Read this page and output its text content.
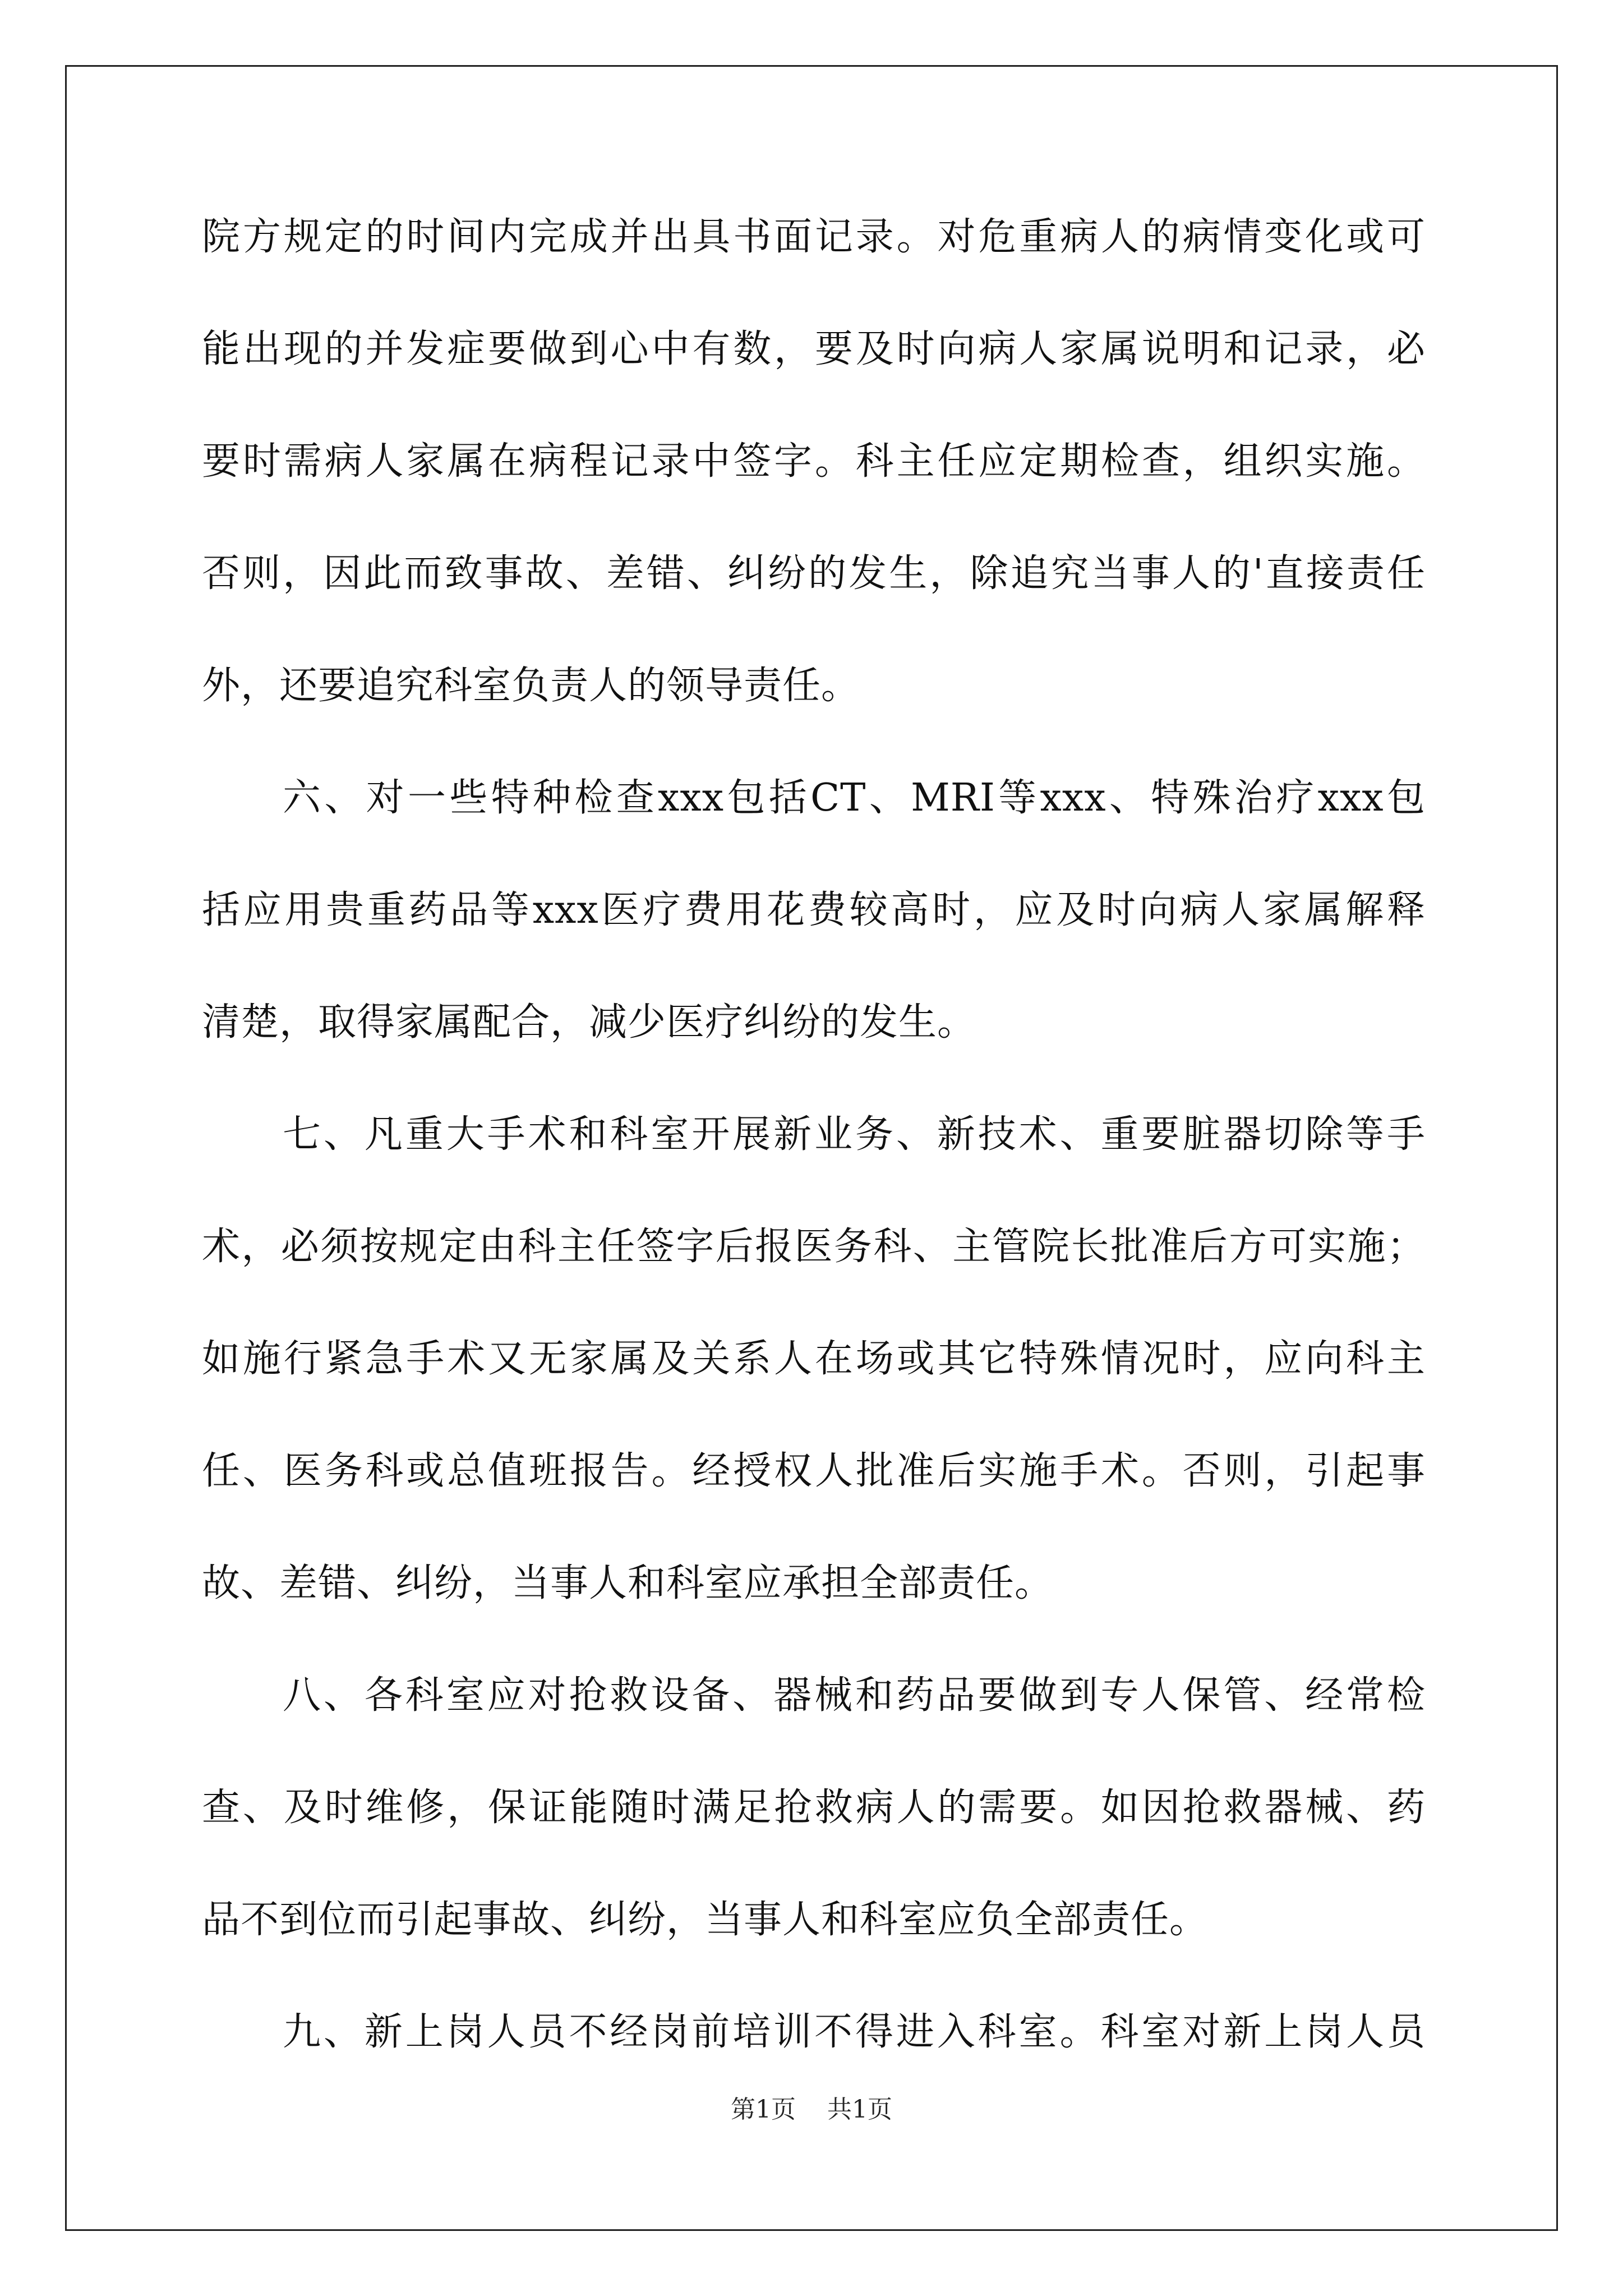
院方规定的时间内完成并出具书面记录。对危重病人的病情变化或可
能出现的并发症要做到心中有数，要及时向病人家属说明和记录，必
要时需病人家属在病程记录中签字。科主任应定期检查，组织实施。
否则，因此而致事故、差错、纠纷的发生，除追究当事人的'直接责任
外，还要追究科室负责人的领导责任。
六、对一些特种检查xxx包括CT、MRI等xxx、特殊治疗xxx包
括应用贵重药品等xxx医疗费用花费较高时，应及时向病人家属解释
清楚，取得家属配合，减少医疗纠纷的发生。
七、凡重大手术和科室开展新业务、新技术、重要脏器切除等手
术，必须按规定由科主任签字后报医务科、主管院长批准后方可实施；
如施行紧急手术又无家属及关系人在场或其它特殊情况时，应向科主
任、医务科或总值班报告。经授权人批准后实施手术。否则，引起事
故、差错、纠纷，当事人和科室应承担全部责任。
八、各科室应对抢救设备、器械和药品要做到专人保管、经常检
查、及时维修，保证能随时满足抢救病人的需要。如因抢救器械、药
品不到位而引起事故、纠纷，当事人和科室应负全部责任。
九、新上岗人员不经岗前培训不得进入科室。科室对新上岗人员
第1页 共1页
